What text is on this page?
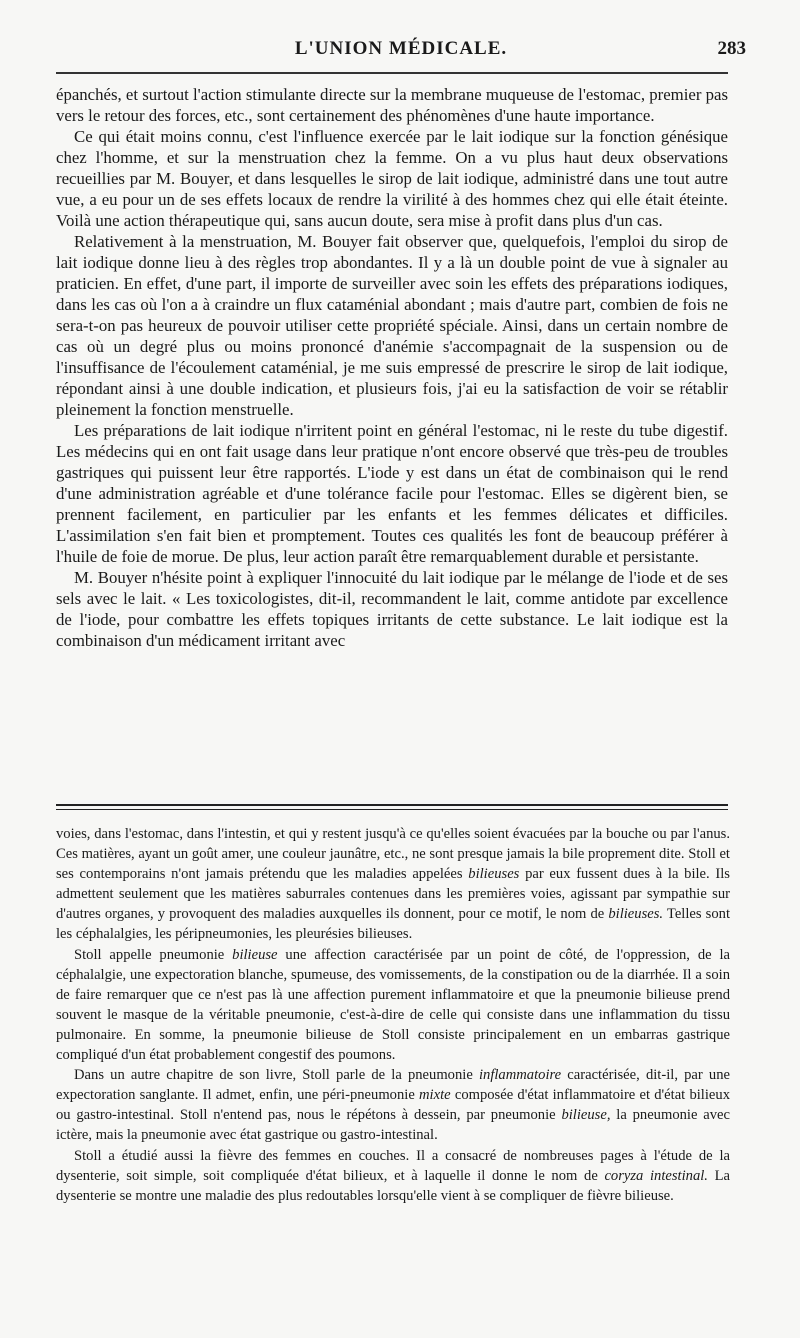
L'UNION MÉDICALE.	283

épanchés, et surtout l'action stimulante directe sur la membrane muqueuse de l'estomac, premier pas vers le retour des forces, etc., sont certainement des phénomènes d'une haute importance.

Ce qui était moins connu, c'est l'influence exercée par le lait iodique sur la fonction génésique chez l'homme, et sur la menstruation chez la femme. On a vu plus haut deux observations recueillies par M. Bouyer, et dans lesquelles le sirop de lait iodique, administré dans une tout autre vue, a eu pour un de ses effets locaux de rendre la virilité à des hommes chez qui elle était éteinte. Voilà une action thérapeutique qui, sans aucun doute, sera mise à profit dans plus d'un cas.

Relativement à la menstruation, M. Bouyer fait observer que, quelquefois, l'emploi du sirop de lait iodique donne lieu à des règles trop abondantes. Il y a là un double point de vue à signaler au praticien. En effet, d'une part, il importe de surveiller avec soin les effets des préparations iodiques, dans les cas où l'on a à craindre un flux cataménial abondant ; mais d'autre part, combien de fois ne sera-t-on pas heureux de pouvoir utiliser cette propriété spéciale. Ainsi, dans un certain nombre de cas où un degré plus ou moins prononcé d'anémie s'accompagnait de la suspension ou de l'insuffisance de l'écoulement cataménial, je me suis empressé de prescrire le sirop de lait iodique, répondant ainsi à une double indication, et plusieurs fois, j'ai eu la satisfaction de voir se rétablir pleinement la fonction menstruelle.

Les préparations de lait iodique n'irritent point en général l'estomac, ni le reste du tube digestif. Les médecins qui en ont fait usage dans leur pratique n'ont encore observé que très-peu de troubles gastriques qui puissent leur être rapportés. L'iode y est dans un état de combinaison qui le rend d'une administration agréable et d'une tolérance facile pour l'estomac. Elles se digèrent bien, se prennent facilement, en particulier par les enfants et les femmes délicates et difficiles. L'assimilation s'en fait bien et promptement. Toutes ces qualités les font de beaucoup préférer à l'huile de foie de morue. De plus, leur action paraît être remarquablement durable et persistante.

M. Bouyer n'hésite point à expliquer l'innocuité du lait iodique par le mélange de l'iode et de ses sels avec le lait. « Les toxicologistes, dit-il, recommandent le lait, comme antidote par excellence de l'iode, pour combattre les effets topiques irritants de cette substance. Le lait iodique est la combinaison d'un médicament irritant avec

voies, dans l'estomac, dans l'intestin, et qui y restent jusqu'à ce qu'elles soient évacuées par la bouche ou par l'anus. Ces matières, ayant un goût amer, une couleur jaunâtre, etc., ne sont presque jamais la bile proprement dite. Stoll et ses contemporains n'ont jamais prétendu que les maladies appelées bilieuses par eux fussent dues à la bile. Ils admettent seulement que les matières saburrales contenues dans les premières voies, agissant par sympathie sur d'autres organes, y provoquent des maladies auxquelles ils donnent, pour ce motif, le nom de bilieuses. Telles sont les céphalalgies, les péripneumonies, les pleurésies bilieuses.

Stoll appelle pneumonie bilieuse une affection caractérisée par un point de côté, de l'oppression, de la céphalalgie, une expectoration blanche, spumeuse, des vomissements, de la constipation ou de la diarrhée. Il a soin de faire remarquer que ce n'est pas là une affection purement inflammatoire et que la pneumonie bilieuse prend souvent le masque de la véritable pneumonie, c'est-à-dire de celle qui consiste dans une inflammation du tissu pulmonaire. En somme, la pneumonie bilieuse de Stoll consiste principalement en un embarras gastrique compliqué d'un état probablement congestif des poumons.

Dans un autre chapitre de son livre, Stoll parle de la pneumonie inflammatoire caractérisée, dit-il, par une expectoration sanglante. Il admet, enfin, une péri-pneumonie mixte composée d'état inflammatoire et d'état bilieux ou gastro-intestinal. Stoll n'entend pas, nous le répétons à dessein, par pneumonie bilieuse, la pneumonie avec ictère, mais la pneumonie avec état gastrique ou gastro-intestinal.

Stoll a étudié aussi la fièvre des femmes en couches. Il a consacré de nombreuses pages à l'étude de la dysenterie, soit simple, soit compliquée d'état bilieux, et à laquelle il donne le nom de coryza intestinal. La dysenterie se montre une maladie des plus redoutables lorsqu'elle vient à se compliquer de fièvre bilieuse.
